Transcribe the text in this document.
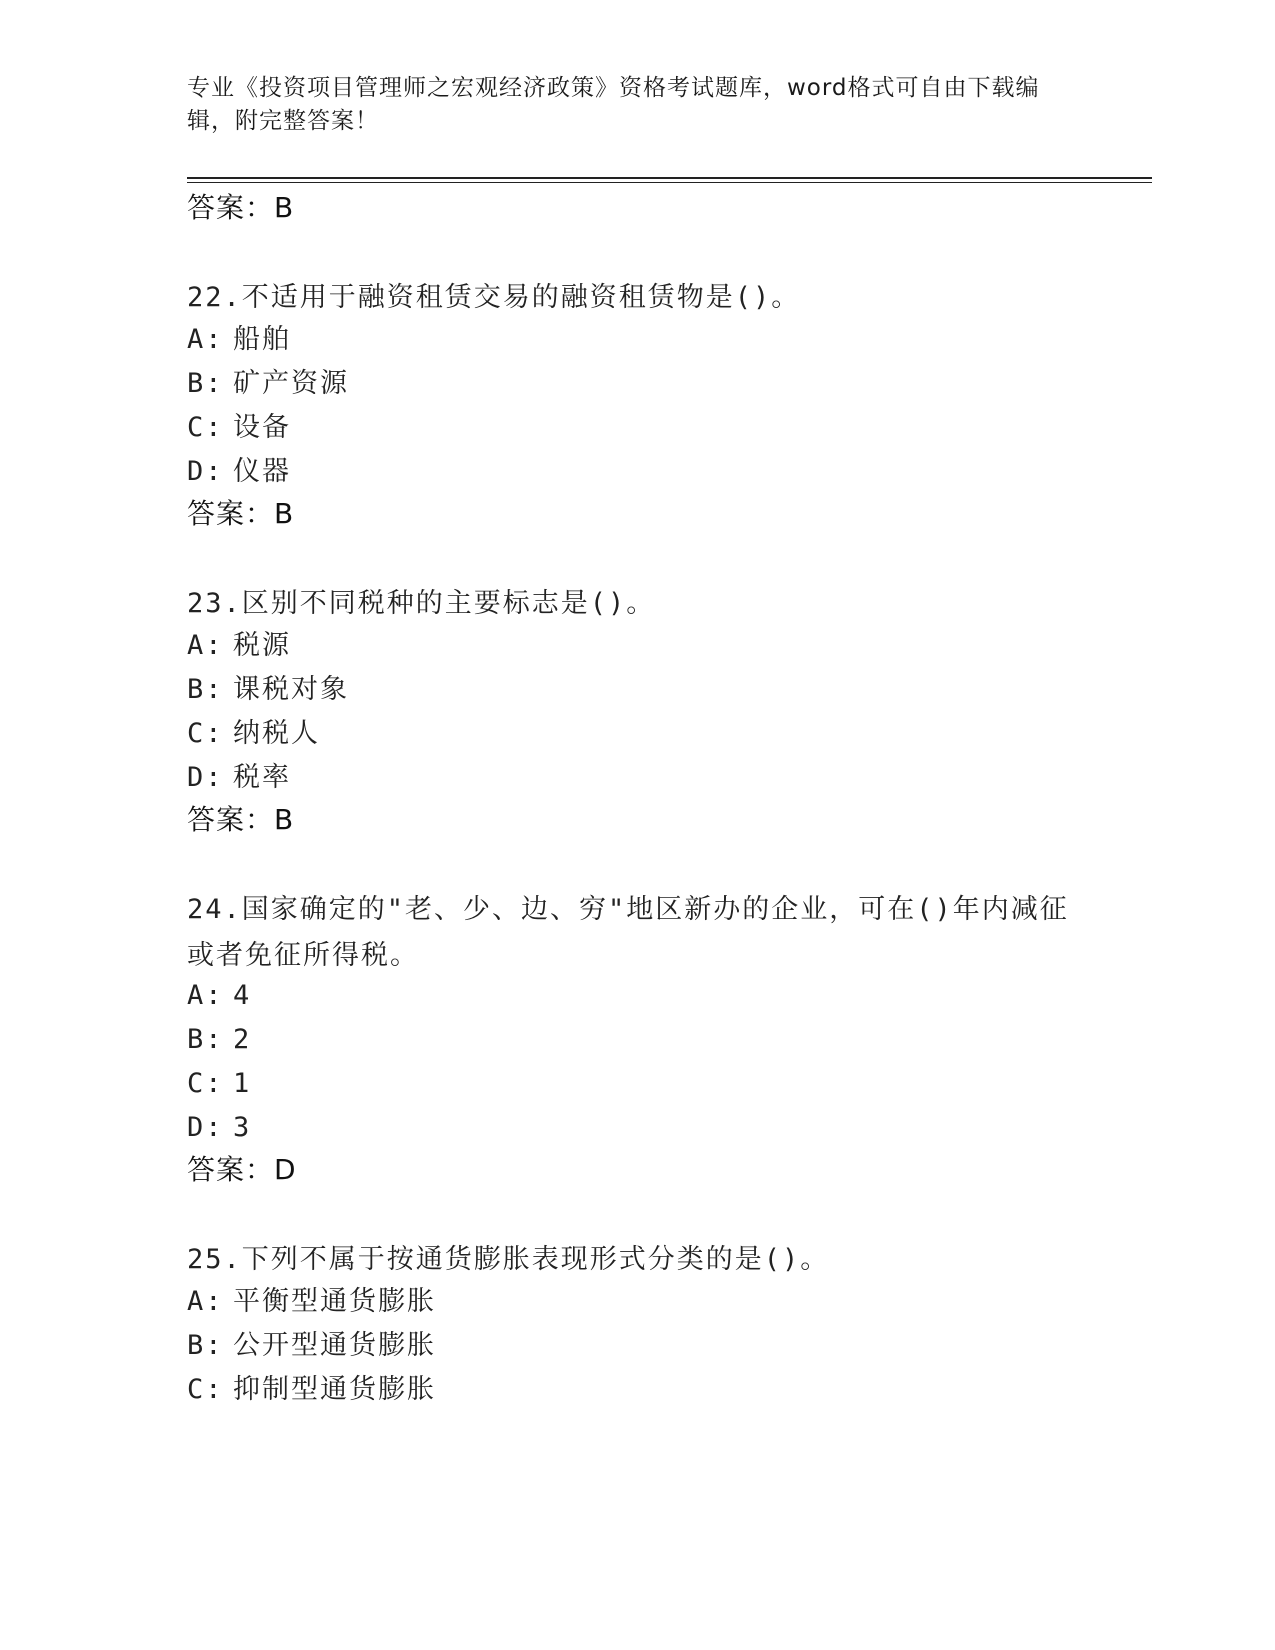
专业《投资项目管理师之宏观经济政策》资格考试题库，word格式可自由下载编辑，附完整答案！
答案：B
22.不适用于融资租赁交易的融资租赁物是()。
A: 船舶
B: 矿产资源
C: 设备
D: 仪器
答案：B
23.区别不同税种的主要标志是()。
A: 税源
B: 课税对象
C: 纳税人
D: 税率
答案：B
24.国家确定的"老、少、边、穷"地区新办的企业，可在()年内减征或者免征所得税。
A: 4
B: 2
C: 1
D: 3
答案：D
25.下列不属于按通货膨胀表现形式分类的是()。
A: 平衡型通货膨胀
B: 公开型通货膨胀
C: 抑制型通货膨胀
